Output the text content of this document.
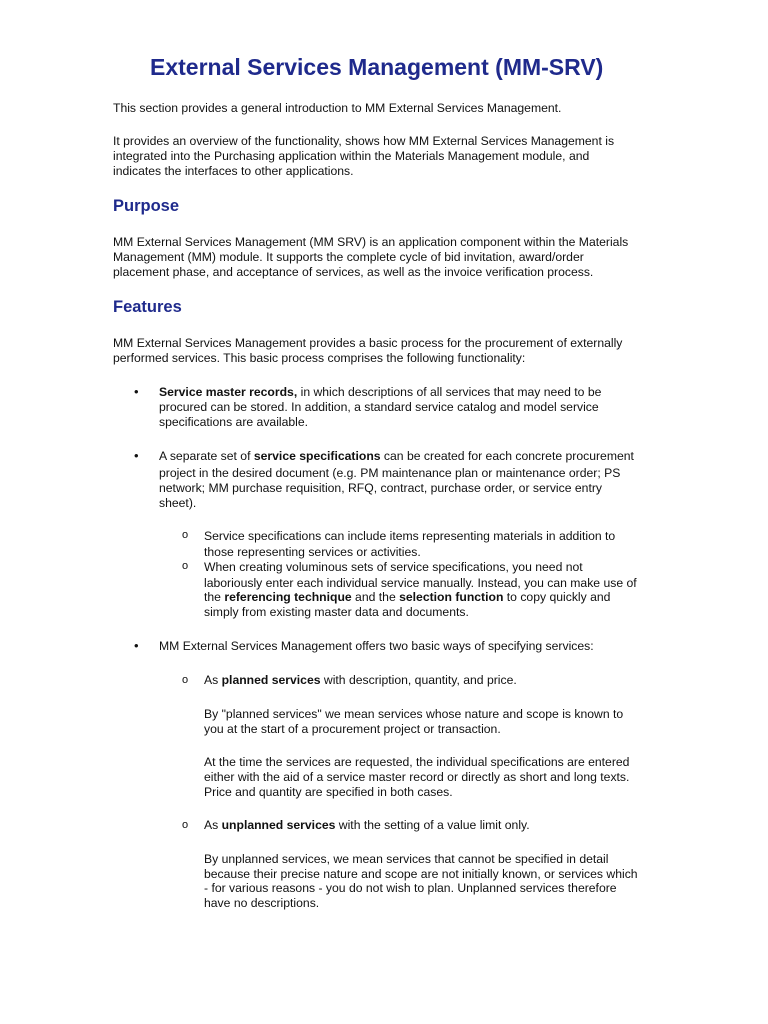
External Services Management (MM-SRV)

This section provides a general introduction to MM External Services Management.

It provides an overview of the functionality, shows how MM External Services Management is

integrated into the Purchasing application within the Materials Management module, and

indicates the interfaces to other applications.

Purpose

MM External Services Management (MM SRV) is an application component within the Materials

Management (MM) module. It supports the complete cycle of bid invitation, award/order

placement phase, and acceptance of services, as well as the invoice verification process.

Features

MM External Services Management provides a basic process for the procurement of externally

performed services. This basic process comprises the following functionality:

• Service master records, in which descriptions of all services that may need to be

procured can be stored. In addition, a standard service catalog and model service

specifications are available.

• A separate set of service specifications can be created for each concrete procurement

project in the desired document (e.g. PM maintenance plan or maintenance order; PS

network; MM purchase requisition, RFQ, contract, purchase order, or service entry

sheet).

o Service specifications can include items representing materials in addition to

those representing services or activities.

o When creating voluminous sets of service specifications, you need not

laboriously enter each individual service manually. Instead, you can make use of

the referencing technique and the selection function to copy quickly and

simply from existing master data and documents.

• MM External Services Management offers two basic ways of specifying services:

o As planned services with description, quantity, and price.

By "planned services" we mean services whose nature and scope is known to

you at the start of a procurement project or transaction.

At the time the services are requested, the individual specifications are entered

either with the aid of a service master record or directly as short and long texts.

Price and quantity are specified in both cases.

o As unplanned services with the setting of a value limit only.

By unplanned services, we mean services that cannot be specified in detail

because their precise nature and scope are not initially known, or services which

- for various reasons - you do not wish to plan. Unplanned services therefore

have no descriptions.
